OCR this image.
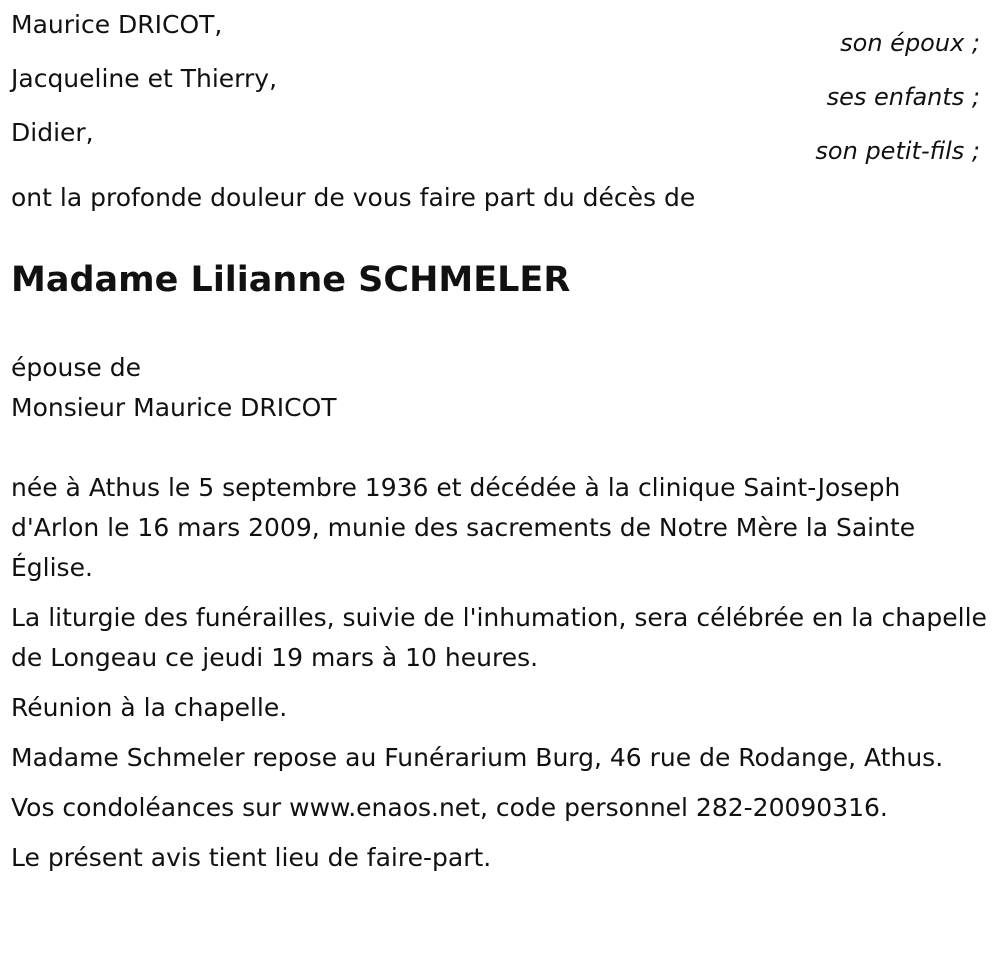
Maurice DRICOT,
son époux ;
Jacqueline et Thierry,
ses enfants ;
Didier,
son petit-fils ;
ont la profonde douleur de vous faire part du décès de
Madame Lilianne SCHMELER
épouse de
Monsieur Maurice DRICOT

née à Athus le 5 septembre 1936 et décédée à la clinique Saint-Joseph d'Arlon le 16 mars 2009, munie des sacrements de Notre Mère la Sainte Église.

La liturgie des funérailles, suivie de l'inhumation, sera célébrée en la chapelle de Longeau ce jeudi 19 mars à 10 heures.

Réunion à la chapelle.

Madame Schmeler repose au Funérarium Burg, 46 rue de Rodange, Athus.

Vos condoléances sur www.enaos.net, code personnel 282-20090316.

Le présent avis tient lieu de faire-part.
